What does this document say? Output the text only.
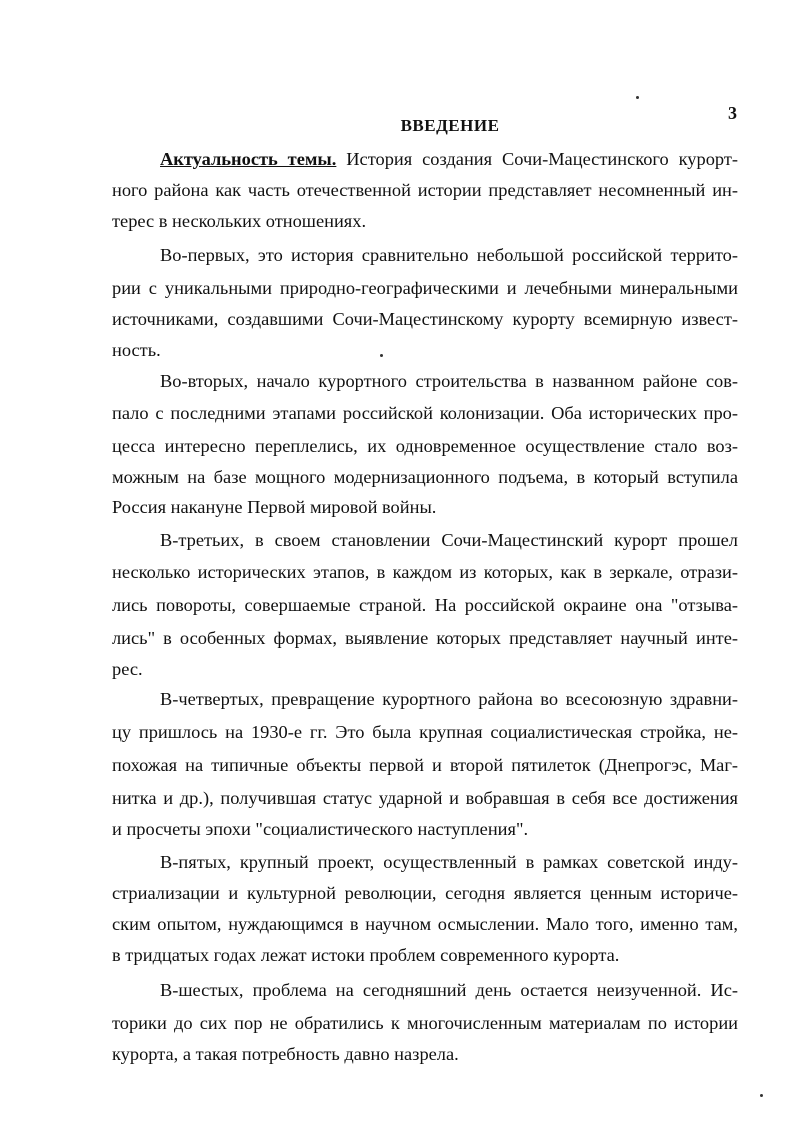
3
ВВЕДЕНИЕ
Актуальность темы. История создания Сочи-Мацестинского курорт-
ного района как часть отечественной истории представляет несомненный ин-
терес в нескольких отношениях.
Во-первых, это история сравнительно небольшой российской террито-
рии с уникальными природно-географическими и лечебными минеральными
источниками, создавшими Сочи-Мацестинскому курорту всемирную извест-
ность.
Во-вторых, начало курортного строительства в названном районе сов-
пало с последними этапами российской колонизации. Оба исторических про-
цесса интересно переплелись, их одновременное осуществление стало воз-
можным на базе мощного модернизационного подъема, в который вступила
Россия накануне Первой мировой войны.
В-третьих, в своем становлении Сочи-Мацестинский курорт прошел
несколько исторических этапов, в каждом из которых, как в зеркале, отрази-
лись повороты, совершаемые страной. На российской окраине она "отзыва-
лись" в особенных формах, выявление которых представляет научный инте-
рес.
В-четвертых, превращение курортного района во всесоюзную здравни-
цу пришлось на 1930-е гг. Это была крупная социалистическая стройка, не-
похожая на типичные объекты первой и второй пятилеток (Днепрогэс, Маг-
нитка и др.), получившая статус ударной и вобравшая в себя все достижения
и просчеты эпохи "социалистического наступления".
В-пятых, крупный проект, осуществленный в рамках советской инду-
стриализации и культурной революции, сегодня является ценным историче-
ским опытом, нуждающимся в научном осмыслении. Мало того, именно там,
в тридцатых годах лежат истоки проблем современного курорта.
В-шестых, проблема на сегодняшний день остается неизученной. Ис-
торики до сих пор не обратились к многочисленным материалам по истории
курорта, а такая потребность давно назрела.
